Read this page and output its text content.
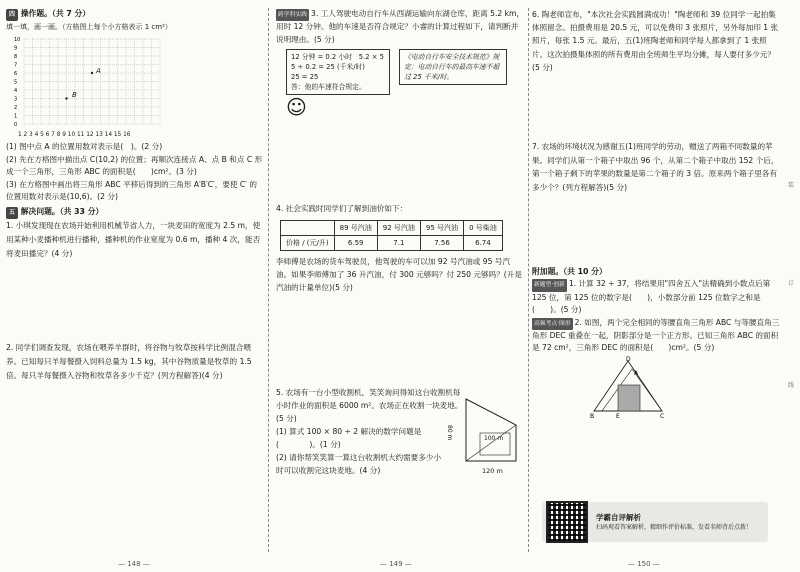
四 操作题。（共 7 分）

填一填，画一画。（方格图上每个小方格表示 1 cm²）

10
9
8
7
6
5
4
3
2
1
0
A
B

1 2 3 4 5 6 7 8 9 10 11 12 13 14 15 16

(1) 图中点 A 的位置用数对表示是(　)。(2 分)

(2) 先在方格图中描出点 C(10,2) 的位置；再顺次连接点 A、点 B 和点 C 形成一个三角形，三角形 ABC 的面积是(　　)cm²。(3 分)

(3) 在方格图中画出将三角形 ABC 平移后得到的三角形 A′B′C′，要使 C′ 的位置用数对表示是(10,6)。(2 分)

五 解决问题。（共 33 分）

1. 小琪发现现在农场开始利用机械节省人力，一块麦田的宽度为 2.5 m，使用某种小麦播种机进行播种，播种机的作业宽度为 0.6 m，播种 4 次，能否将麦田播完？(4 分)

2. 同学们调查发现，农场在喂养羊群时，将谷物与牧草按科学比例混合喂养。已知每只羊每餐摄入饲料总量为 1.5 kg，其中谷物质量是牧草的 1.5 倍。每只羊每餐摄入谷物和牧草各多少千克？(列方程解答)(4 分)

— 148 —

跨学科实践 3. 工人驾驶电动自行车从西湖运输向东湖仓库，距离 5.2 km，用时 12 分钟。他的车速是否符合规定？小睿的计算过程如下，请判断并说明理由。(5 分)

12 分钟 = 0.2 小时　5.2 × 5
5 ÷ 0.2 = 25 (千米/时)
25 = 25
答：他的车速符合规定。
《电动自行车安全技术规范》规定：电动自行车的最高车速不超过 25 千米/时。 ☺

4. 社会实践时同学们了解到油价如下：

	89 号汽油	92 号汽油	95 号汽油	0 号柴油
价格 / (元/升)	6.59	7.1	7.56	6.74

李师傅是农场的货车驾驶员，他驾驶的车可以加 92 号汽油或 95 号汽油。如果李师傅加了 36 升汽油，付 300 元够吗？付 250 元够吗？(升是汽油的计量单位)(5 分)

5. 农场有一台小型收割机，笑笑询问得知这台收割机每小时作业的面积是 6000 m²。农场正在收割一块麦地。(5 分)

(1) 算式 100 × 80 ÷ 2 解决的数学问题是(　　　　)。(1 分)

(2) 请你帮笑笑算一算这台收割机大约需要多少小时可以收割完这块麦地。(4 分)

80 m	100 m
120 m
— 149 —

6. 陶老师宣布，"本次社会实践圆满成功！"陶老师和 39 位同学一起拍集体照留念。拍摄费用是 20.5 元，可以免费印 3 张照片，另外每加印 1 张照片，每张 1.5 元。最后，五(1)班陶老师和同学每人都拿到了 1 张照片。这次拍摄集体照的所有费用由全班师生平均分摊，每人要付多少元？(5 分)

7. 农场的环境状况为感谢五(1)班同学的劳动，赠送了两箱不同数量的苹果。同学们从第一个箱子中取出 96 个，从第二个箱子中取出 152 个后，第一个箱子剩下的苹果的数量是第二个箱子的 3 倍。原来两个箱子里各有多少个？(列方程解答)(5 分)

附加题。（共 10 分）

新题型·创新 1. 计算 32 ÷ 37，将结果用"四舍五入"法精确到小数点后第 125 位，第 125 位的数字是(　　)，小数部分前 125 位数字之和是(　　)。(5 分)

高频考点·图形 2. 如图，两个完全相同的等腰直角三角形 ABC 与等腰直角三角形 DEC 重叠在一起，阴影部分是一个正方形。已知三角形 ABC 的面积是 72 cm²，三角形 DEC 的面积是(　　)cm²。(5 分)

D
A
B	E	C
学霸自评解析
扫码观看答案解析，精细作评价标准，发看名师背后点拨！
— 150 —
装
订
线
